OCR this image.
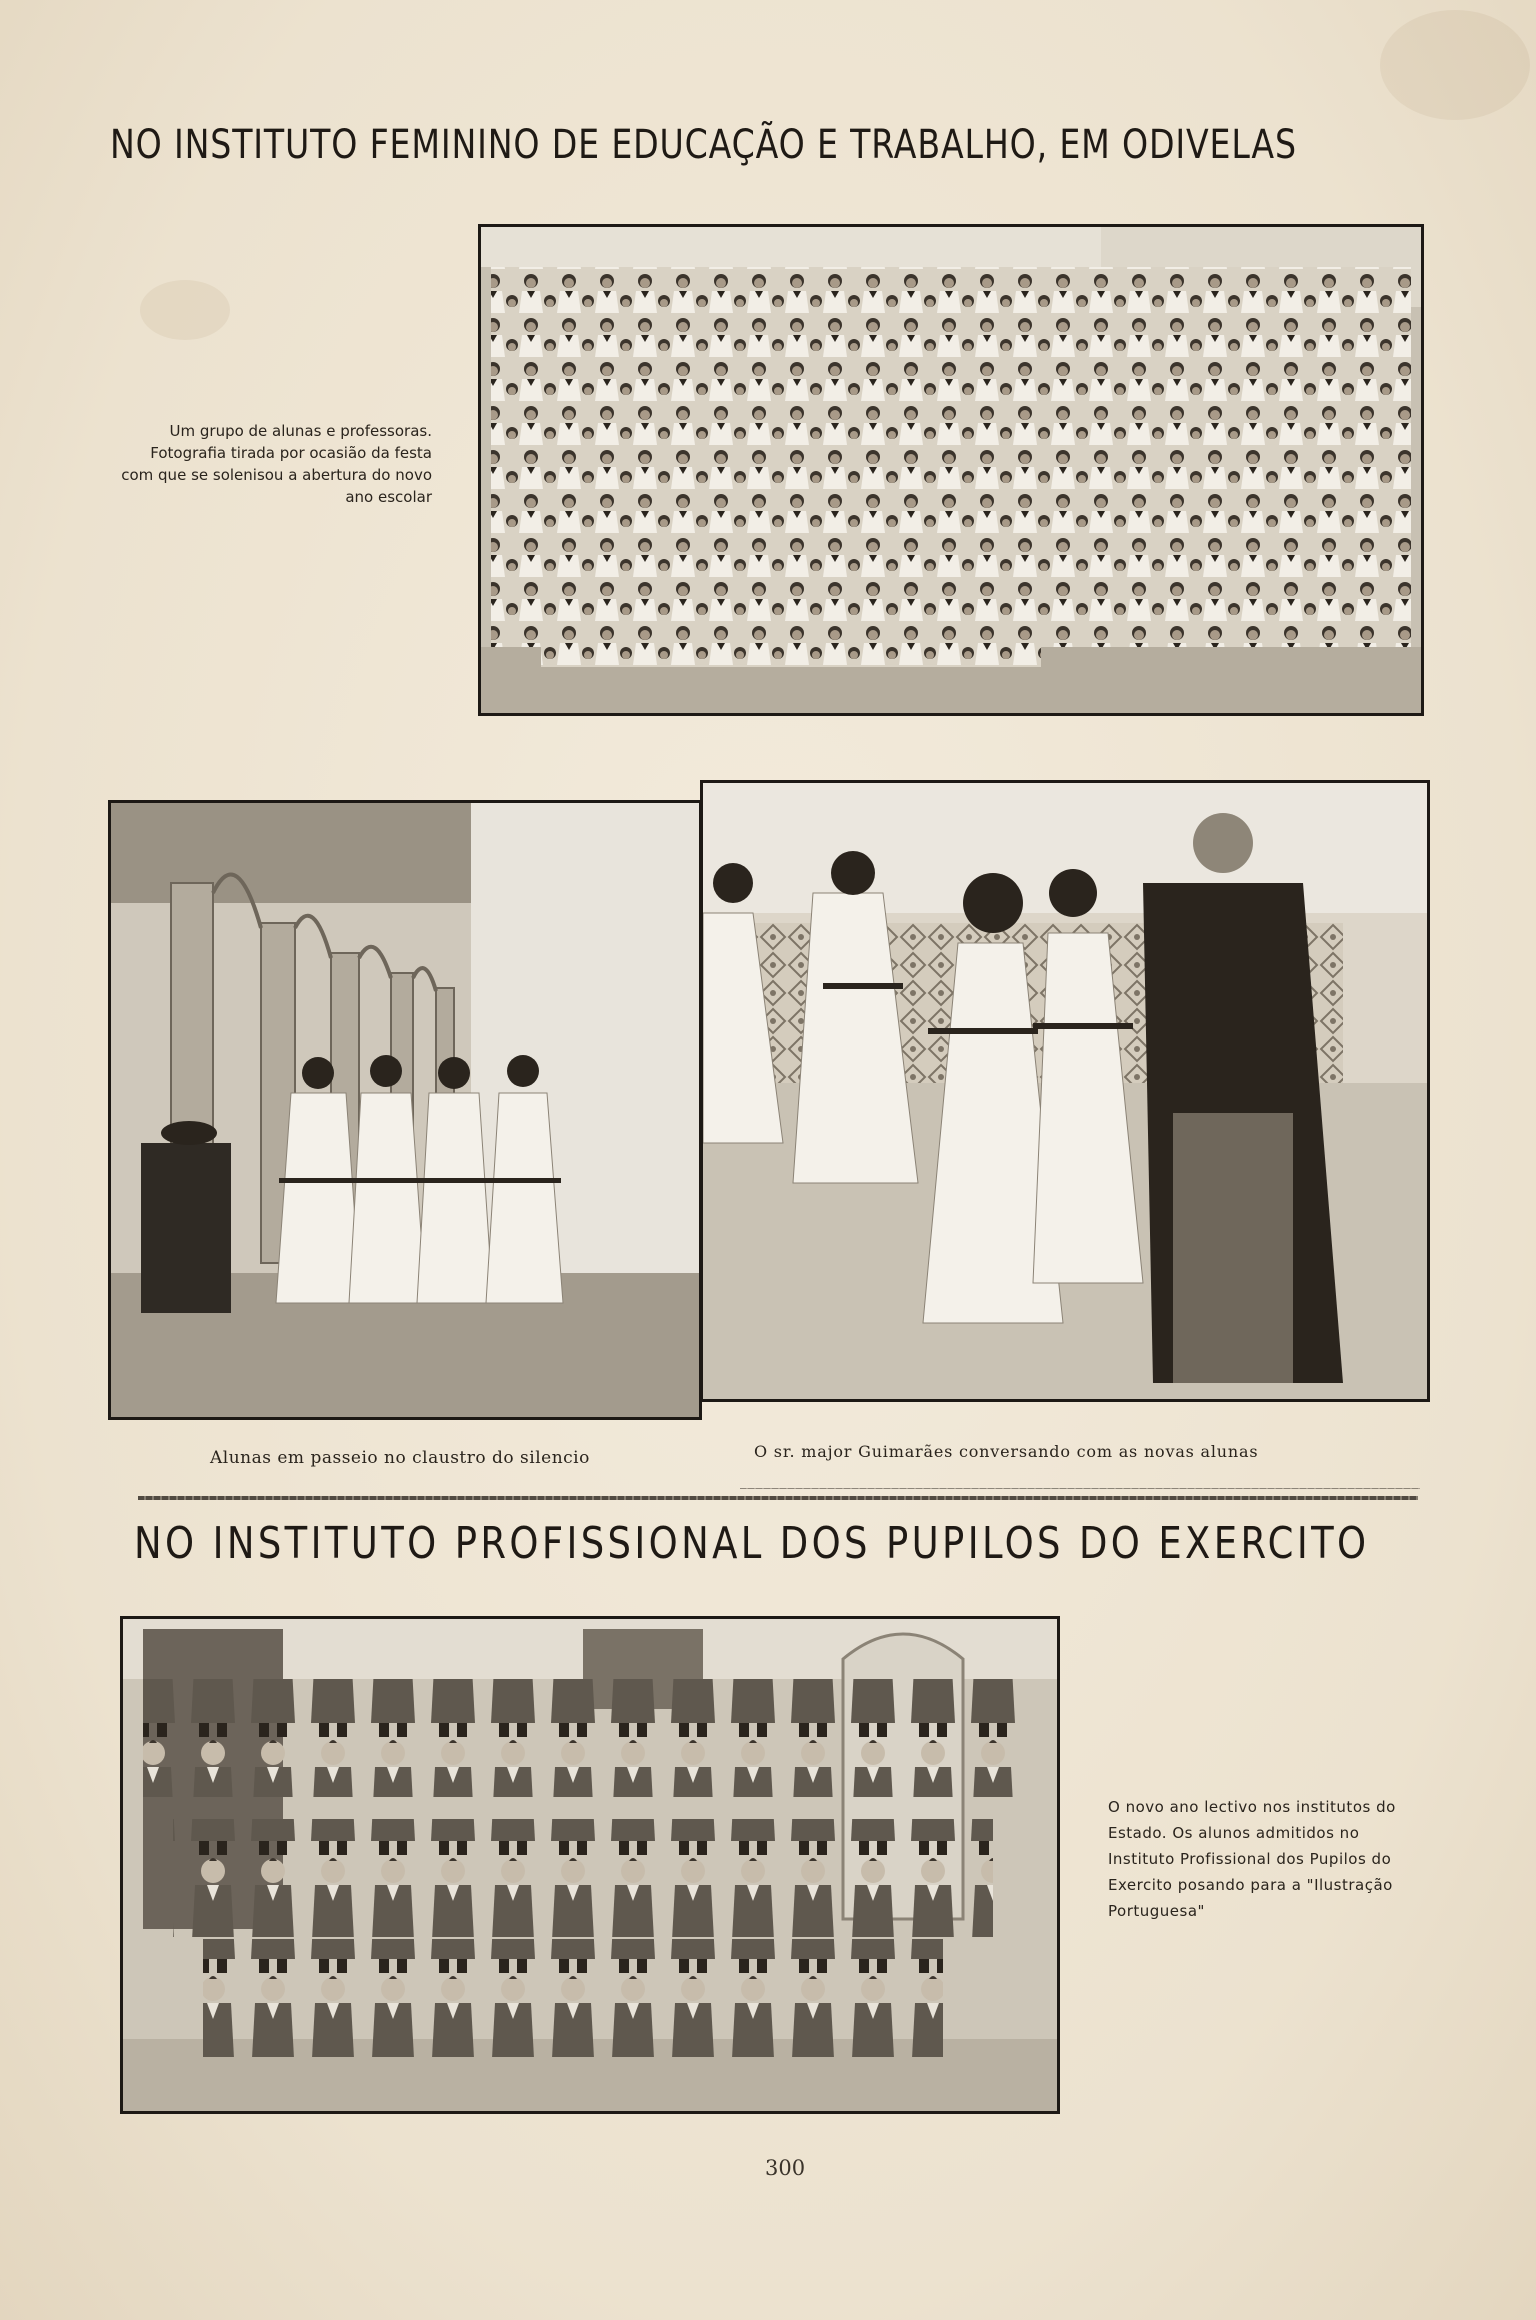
NO INSTITUTO FEMININO DE EDUCAÇÃO E TRABALHO, EM ODIVELAS
Um grupo de alunas e professoras. Fotografia tirada por ocasião da festa com que se solenisou a abertura do novo ano escolar
Alunas em passeio no claustro do silencio	O sr. major Guimarães conversando com as novas alunas
NO INSTITUTO PROFISSIONAL DOS PUPILOS DO EXERCITO
O novo ano lectivo nos institutos do Estado. Os alunos admitidos no Instituto Profissional dos Pupilos do Exercito posando para a "Ilustração Portuguesa"
300
